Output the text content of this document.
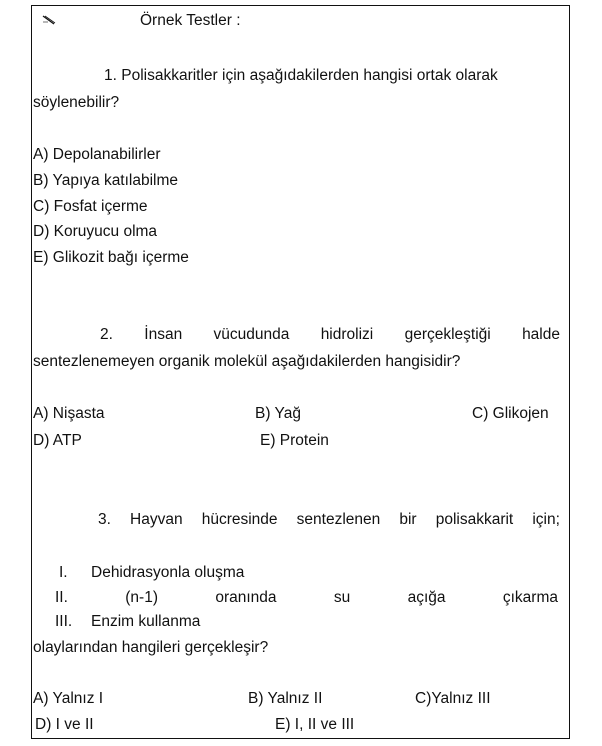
Örnek Testler :
1. Polisakkaritler için aşağıdakilerden hangisi ortak olarak
söylenebilir?
A) Depolanabilirler
B) Yapıya katılabilme
C) Fosfat içerme
D) Koruyucu olma
E) Glikozit bağı içerme
2. İnsan vücudunda hidrolizi gerçekleştiği halde
sentezlenemeyen organik molekül aşağıdakilerden hangisidir?
A) Nişasta	B) Yağ	C) Glikojen
D) ATP	E) Protein
3. Hayvan hücresinde sentezlenen bir polisakkarit için;
I. Dehidrasyonla oluşma
II.	(n-1)	oranında	su	açığa	çıkarma
III. Enzim kullanma
olaylarından hangileri gerçekleşir?
A) Yalnız I	B) Yalnız II	C)Yalnız III
D) I ve II	E) I, II ve III
